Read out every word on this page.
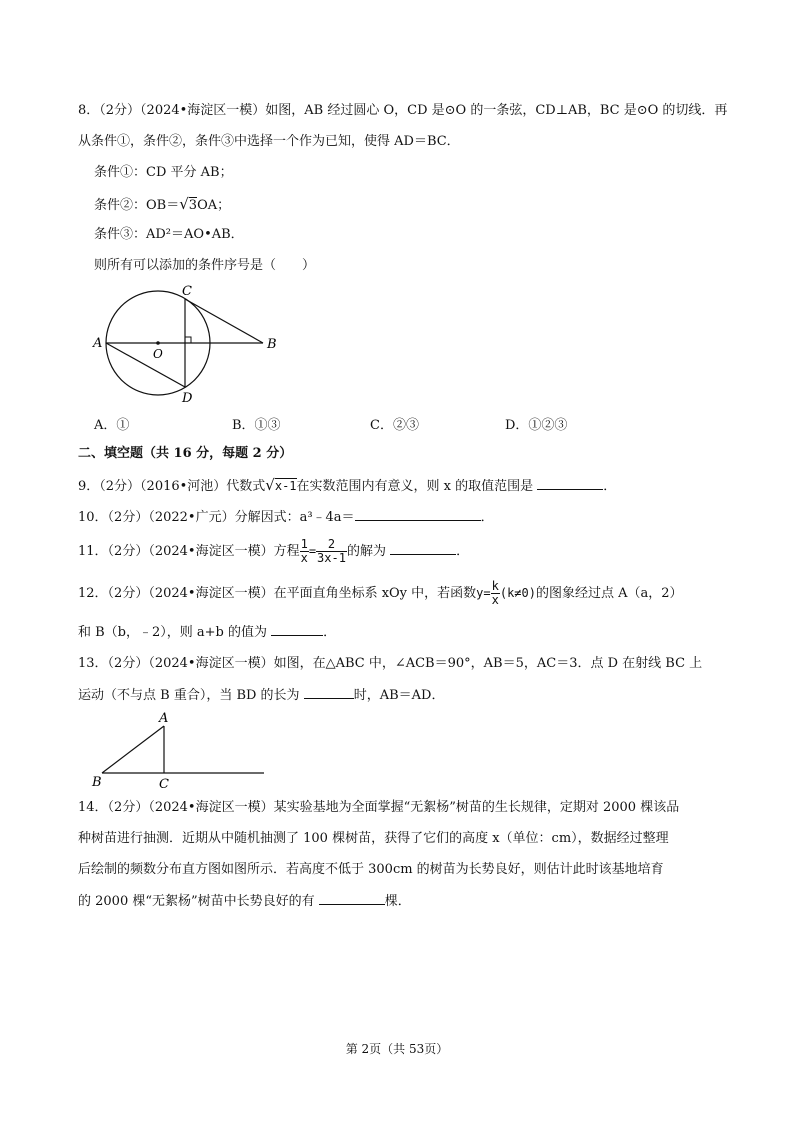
8．（2分）（2024•海淀区一模）如图，AB 经过圆心 O，CD 是⊙O 的一条弦，CD⊥AB，BC 是⊙O 的切线．再
从条件①，条件②，条件③中选择一个作为已知，使得 AD＝BC．
条件①：CD 平分 AB；
条件②：OB＝√3OA；
条件③：AD²＝AO•AB．
则所有可以添加的条件序号是（　　）
A	B
C
D
O
A．①	B．①③	C．②③	D．①②③
二、填空题（共 16 分，每题 2 分）
9．（2分）（2016•河池）代数式√x-1在实数范围内有意义，则 x 的取值范围是	．
10．（2分）（2022•广元）分解因式：a³﹣4a＝	．
11．（2分）（2024•海淀区一模）方程 $\frac{1}{x} = \frac{2}{3x-1}$ 的解为	．
12．（2分）（2024•海淀区一模）在平面直角坐标系 xOy 中，若函数$y= \frac{k}{x} (k\ne 0)$的图象经过点 A（a，2）
和 B（b，﹣2），则 a+b 的值为	．
13．（2分）（2024•海淀区一模）如图，在△ABC 中，∠ACB＝90°，AB＝5，AC＝3．点 D 在射线 BC 上
运动（不与点 B 重合），当 BD 的长为	时，AB＝AD．
A
B	C
14．（2分）（2024•海淀区一模）某实验基地为全面掌握“无絮杨”树苗的生长规律，定期对 2000 棵该品
种树苗进行抽测．近期从中随机抽测了 100 棵树苗，获得了它们的高度 x（单位：cm），数据经过整理
后绘制的频数分布直方图如图所示．若高度不低于 300cm 的树苗为长势良好，则估计此时该基地培育
的 2000 棵“无絮杨”树苗中长势良好的有	棵．
第 2页（共 53页）
